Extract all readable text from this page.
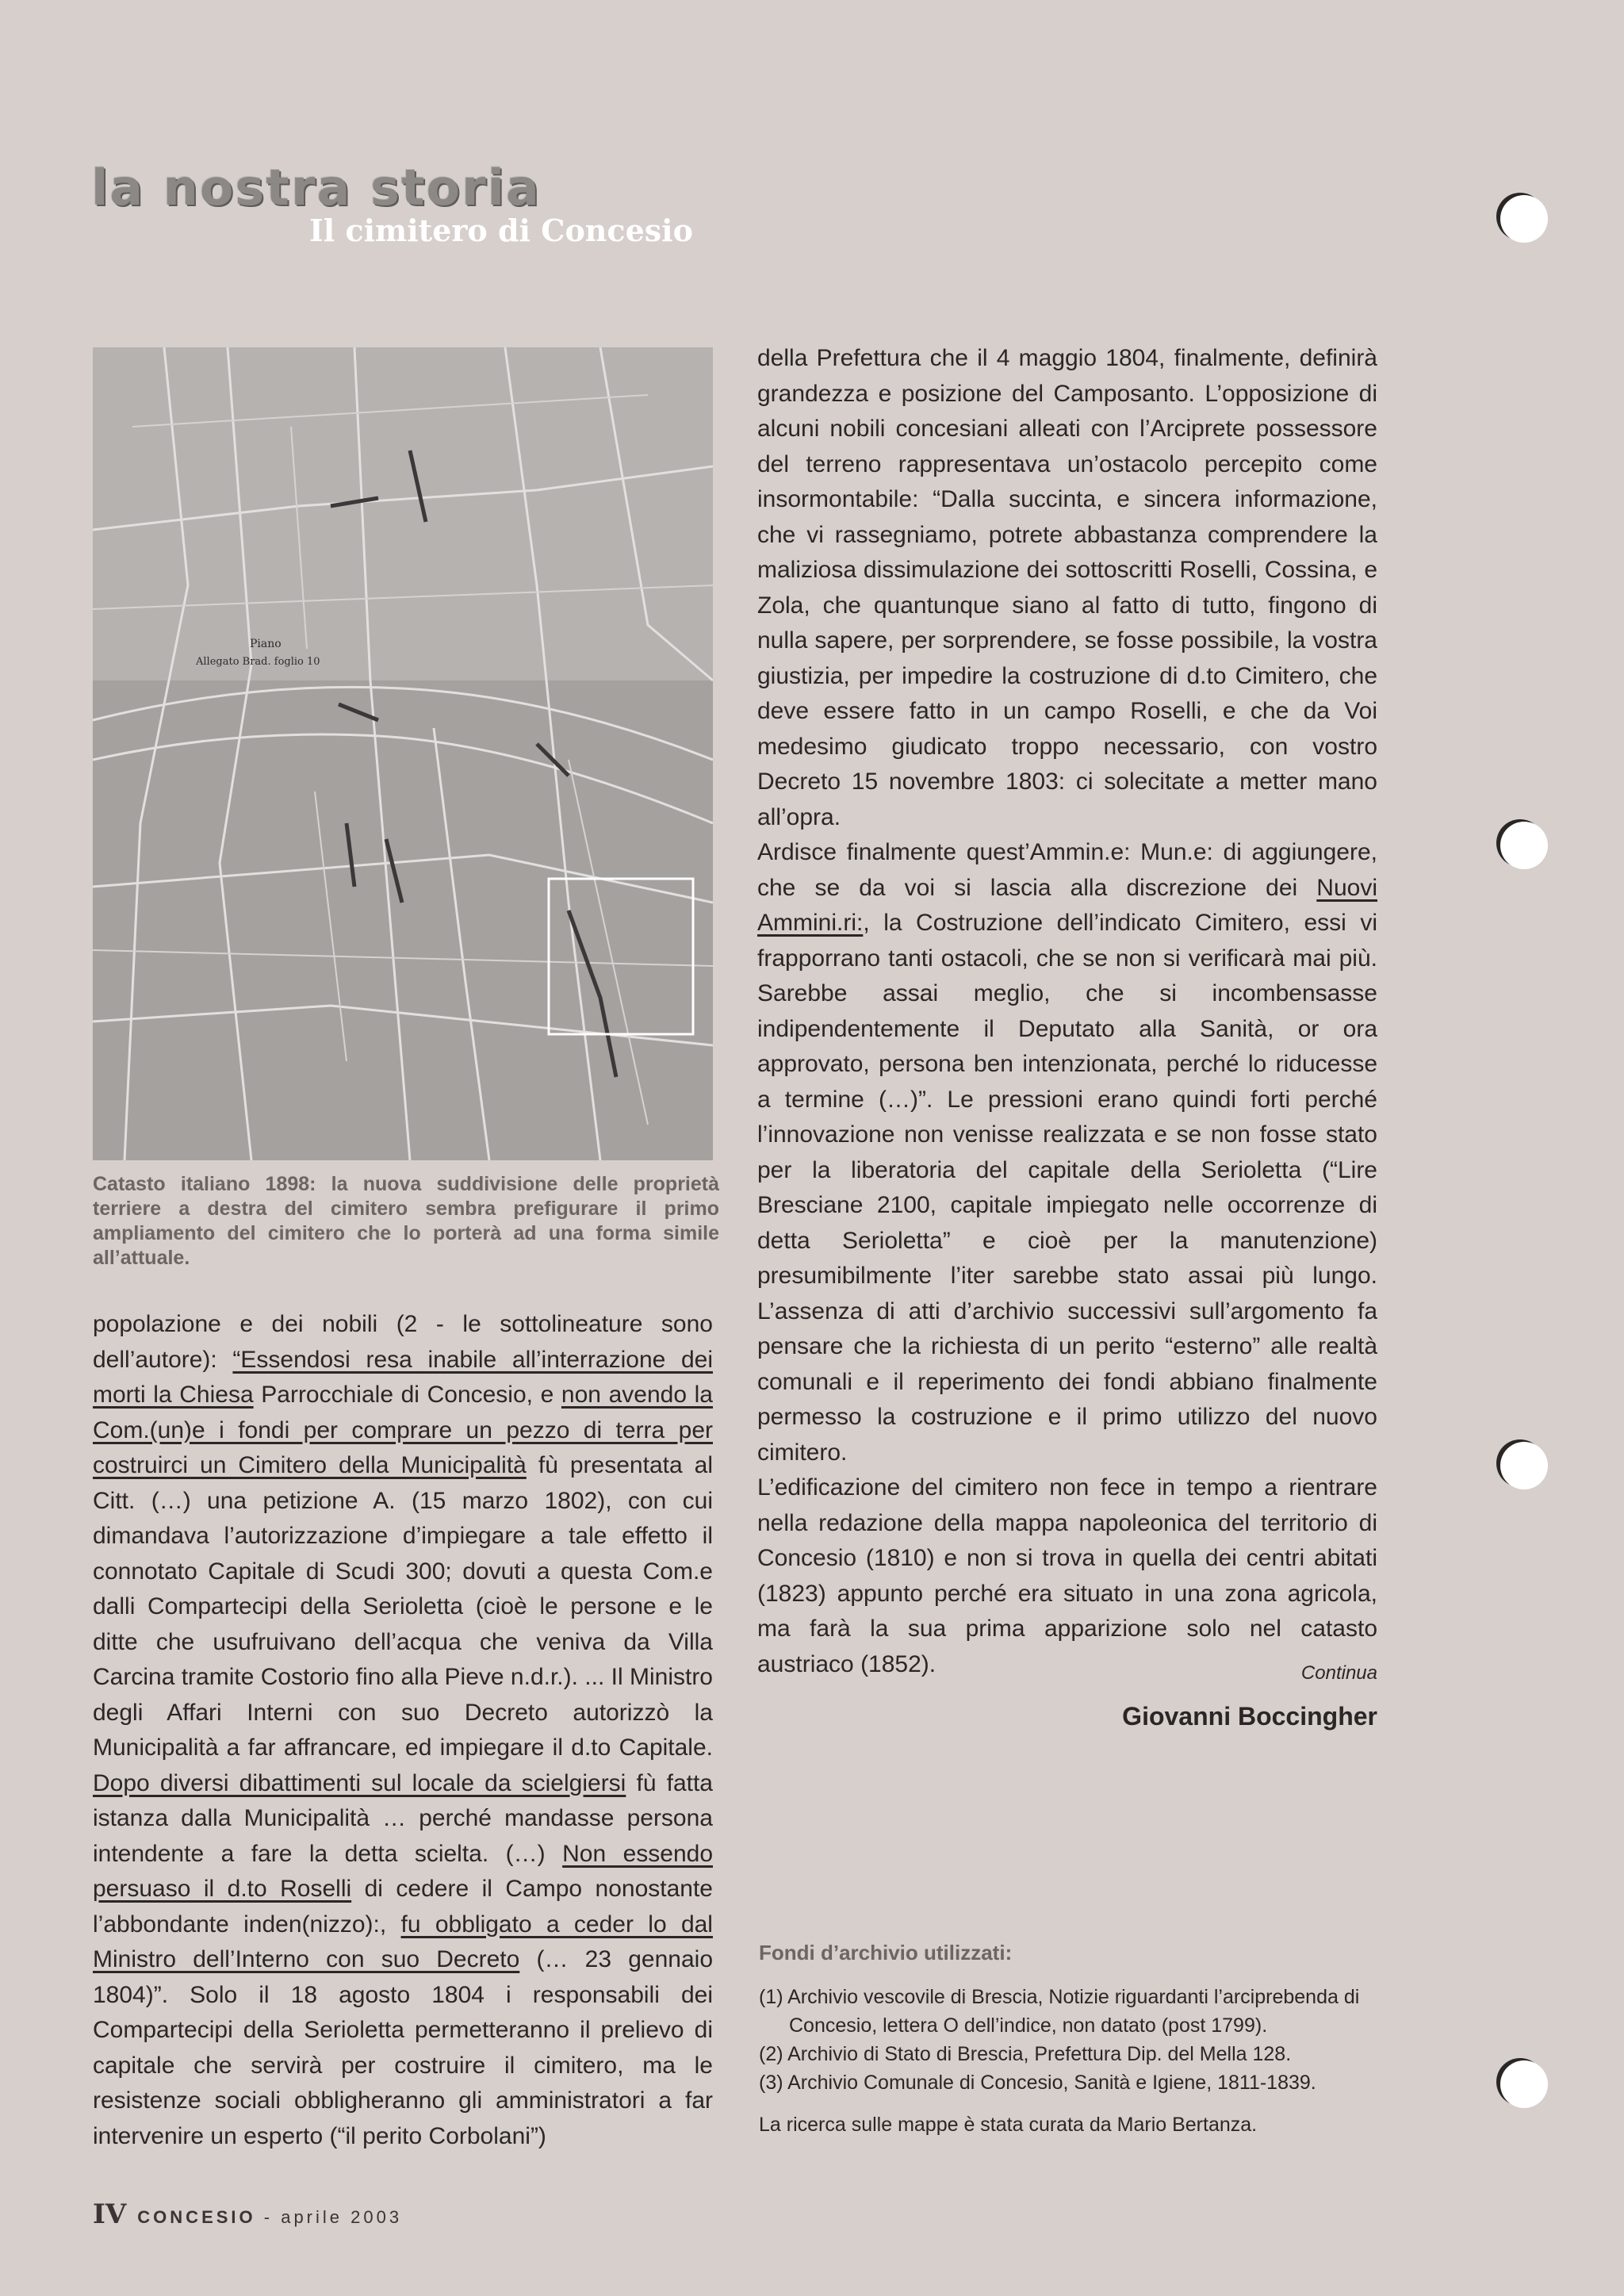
la nostra storia
Il cimitero di Concesio
Piano
Allegato Brad. foglio 10

Catasto italiano 1898: la nuova suddivisione delle proprietà terriere a destra del cimitero sembra prefigurare il primo ampliamento del cimitero che lo porterà ad una forma simile all’attuale.

popolazione e dei nobili (2 - le sottolineature sono dell’autore): “Essendosi resa inabile all’interrazione dei morti la Chiesa Parrocchiale di Concesio, e non avendo la Com.(un)e i fondi per comprare un pezzo di terra per costruirci un Cimitero della Municipalità fù presentata al Citt. (…) una petizione A. (15 marzo 1802), con cui dimandava l’autorizzazione d’impiegare a tale effetto il connotato Capitale di Scudi 300; dovuti a questa Com.e dalli Compartecipi della Serioletta (cioè le persone e le ditte che usufruivano dell’acqua che veniva da Villa Carcina tramite Costorio fino alla Pieve n.d.r.). ... Il Ministro degli Affari Interni con suo Decreto autorizzò la Municipalità a far affrancare, ed impiegare il d.to Capitale. Dopo diversi dibattimenti sul locale da scielgiersi fù fatta istanza dalla Municipalità … perché mandasse persona intendente a fare la detta scielta. (…) Non essendo persuaso il d.to Roselli di cedere il Campo nonostante l’abbondante inden(nizzo):, fu obbligato a ceder lo dal Ministro dell’Interno con suo Decreto (… 23 gennaio 1804)”. Solo il 18 agosto 1804 i responsabili dei Compartecipi della Serioletta permetteranno il prelievo di capitale che servirà per costruire il cimitero, ma le resistenze sociali obbligheranno gli amministratori a far intervenire un esperto (“il perito Corbolani”)

della Prefettura che il 4 maggio 1804, finalmente, definirà grandezza e posizione del Camposanto. L’opposizione di alcuni nobili concesiani alleati con l’Arciprete possessore del terreno rappresentava un’ostacolo percepito come insormontabile: “Dalla succinta, e sincera informazione, che vi rassegniamo, potrete abbastanza comprendere la maliziosa dissimulazione dei sottoscritti Roselli, Cossina, e Zola, che quantunque siano al fatto di tutto, fingono di nulla sapere, per sorprendere, se fosse possibile, la vostra giustizia, per impedire la costruzione di d.to Cimitero, che deve essere fatto in un campo Roselli, e che da Voi medesimo giudicato troppo necessario, con vostro Decreto 15 novembre 1803: ci solecitate a metter mano all’opra.

Ardisce finalmente quest’Ammin.e: Mun.e: di aggiungere, che se da voi si lascia alla discrezione dei Nuovi Ammini.ri:, la Costruzione dell’indicato Cimitero, essi vi frapporrano tanti ostacoli, che se non si verificarà mai più. Sarebbe assai meglio, che si incombensasse indipendentemente il Deputato alla Sanità, or ora approvato, persona ben intenzionata, perché lo riducesse a termine (…)”. Le pressioni erano quindi forti perché l’innovazione non venisse realizzata e se non fosse stato per la liberatoria del capitale della Serioletta (“Lire Bresciane 2100, capitale impiegato nelle occorrenze di detta Serioletta” e cioè per la manutenzione) presumibilmente l’iter sarebbe stato assai più lungo. L’assenza di atti d’archivio successivi sull’argomento fa pensare che la richiesta di un perito “esterno” alle realtà comunali e il reperimento dei fondi abbiano finalmente permesso la costruzione e il primo utilizzo del nuovo cimitero.

L’edificazione del cimitero non fece in tempo a rientrare nella redazione della mappa napoleonica del territorio di Concesio (1810) e non si trova in quella dei centri abitati (1823) appunto perché era situato in una zona agricola, ma farà la sua prima apparizione solo nel catasto austriaco (1852).	Continua

Giovanni Boccingher

Fondi d’archivio utilizzati:

(1) Archivio vescovile di Brescia, Notizie riguardanti l’arciprebenda di Concesio, lettera O dell’indice, non datato (post 1799).
(2) Archivio di Stato di Brescia, Prefettura Dip. del Mella 128.
(3) Archivio Comunale di Concesio, Sanità e Igiene, 1811-1839.

La ricerca sulle mappe è stata curata da Mario Bertanza.

IV CONCESIO - aprile 2003
